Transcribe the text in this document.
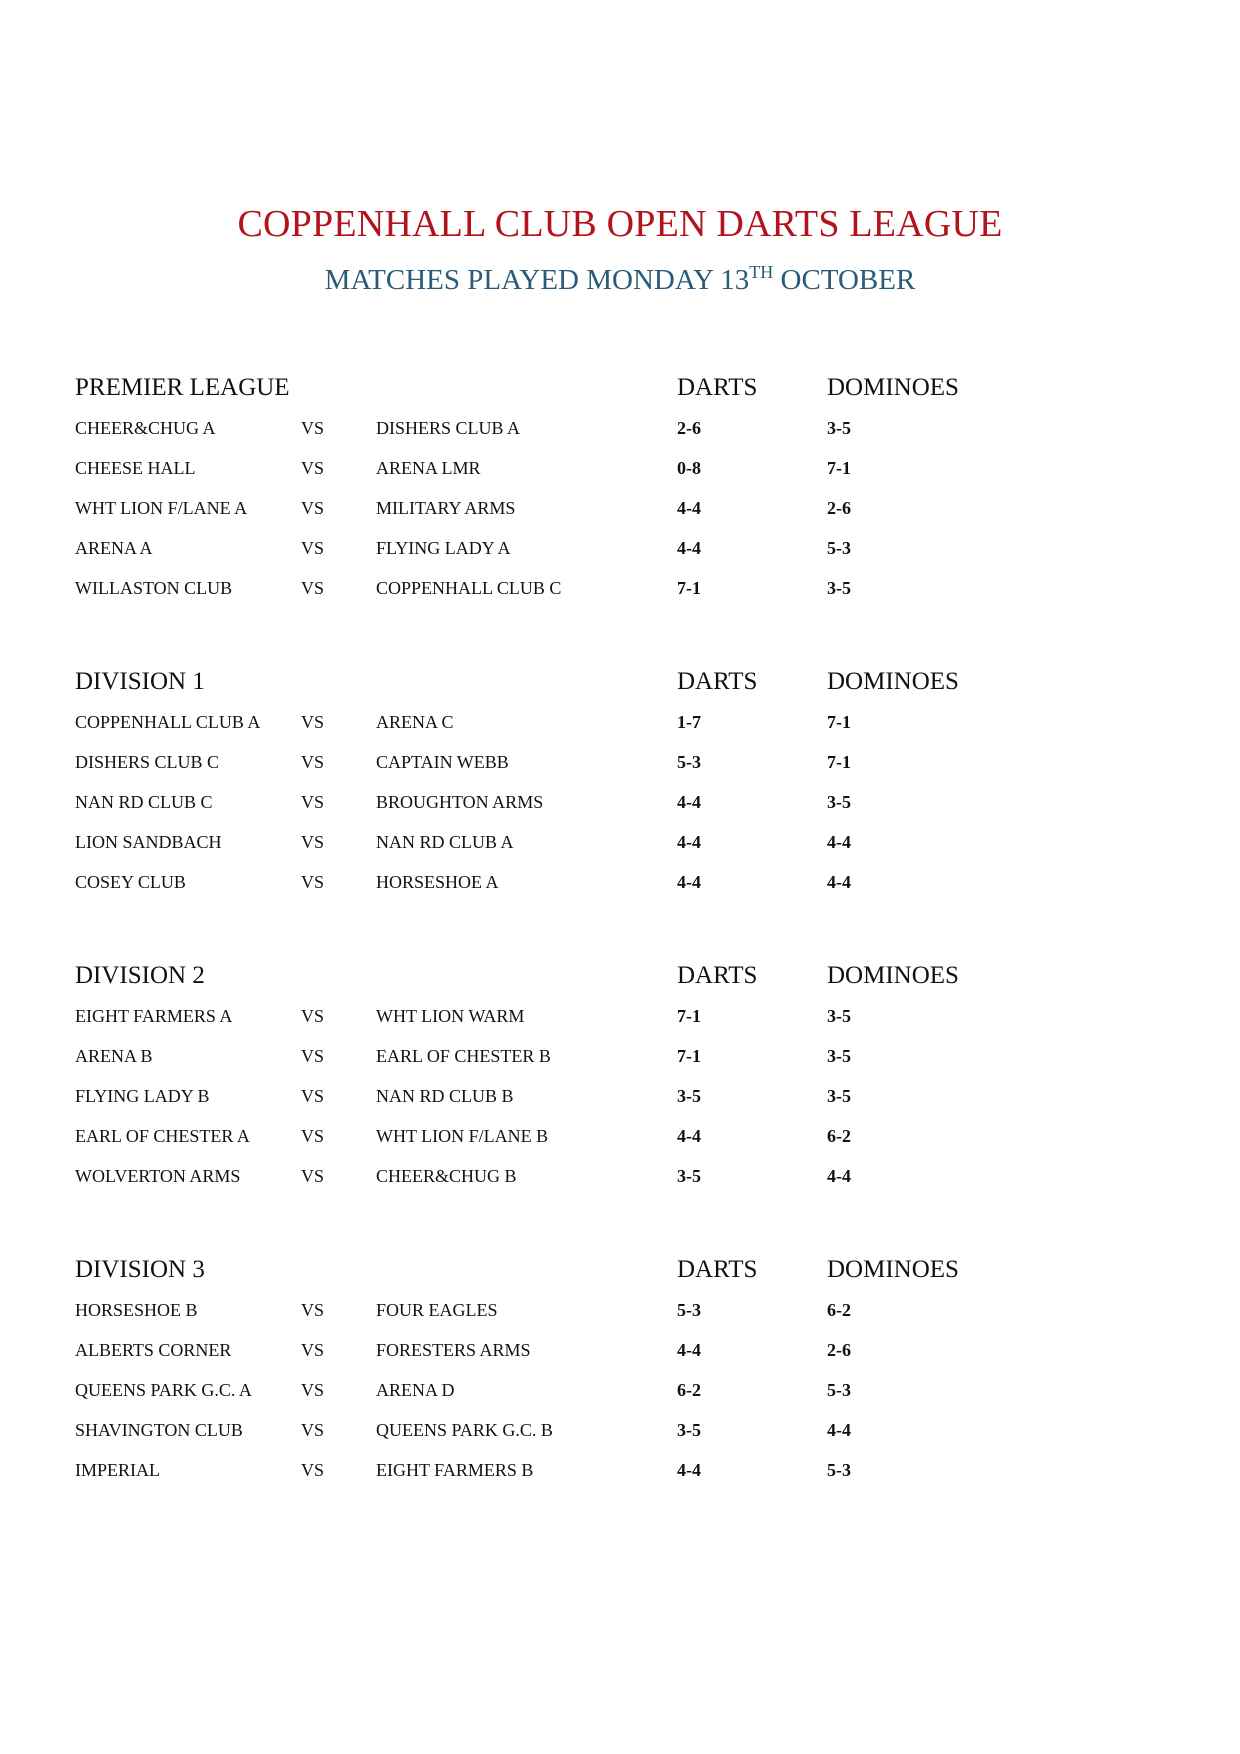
COPPENHALL CLUB OPEN DARTS LEAGUE
MATCHES PLAYED MONDAY 13TH OCTOBER
PREMIER LEAGUE	DARTS	DOMINOES
CHEER&CHUG A	VS	DISHERS CLUB A	2-6	3-5
CHEESE HALL	VS	ARENA LMR	0-8	7-1
WHT LION F/LANE A	VS	MILITARY ARMS	4-4	2-6
ARENA A	VS	FLYING LADY A	4-4	5-3
WILLASTON CLUB	VS	COPPENHALL CLUB C	7-1	3-5
DIVISION 1	DARTS	DOMINOES
COPPENHALL CLUB A VS	ARENA C	1-7	7-1
DISHERS CLUB C	VS	CAPTAIN WEBB	5-3	7-1
NAN RD CLUB C	VS	BROUGHTON ARMS	4-4	3-5
LION SANDBACH	VS	NAN RD CLUB A	4-4	4-4
COSEY CLUB	VS	HORSESHOE A	4-4	4-4
DIVISION 2	DARTS	DOMINOES
EIGHT FARMERS A	VS	WHT LION WARM	7-1	3-5
ARENA B	VS	EARL OF CHESTER B	7-1	3-5
FLYING LADY B	VS	NAN RD CLUB B	3-5	3-5
EARL OF CHESTER A	VS	WHT LION F/LANE B	4-4	6-2
WOLVERTON ARMS	VS	CHEER&CHUG B	3-5	4-4
DIVISION 3	DARTS	DOMINOES
HORSESHOE B	VS	FOUR EAGLES	5-3	6-2
ALBERTS CORNER	VS	FORESTERS ARMS	4-4	2-6
QUEENS PARK G.C. A	VS	ARENA D	6-2	5-3
SHAVINGTON CLUB	VS	QUEENS PARK G.C. B	3-5	4-4
IMPERIAL	VS	EIGHT FARMERS B	4-4	5-3
